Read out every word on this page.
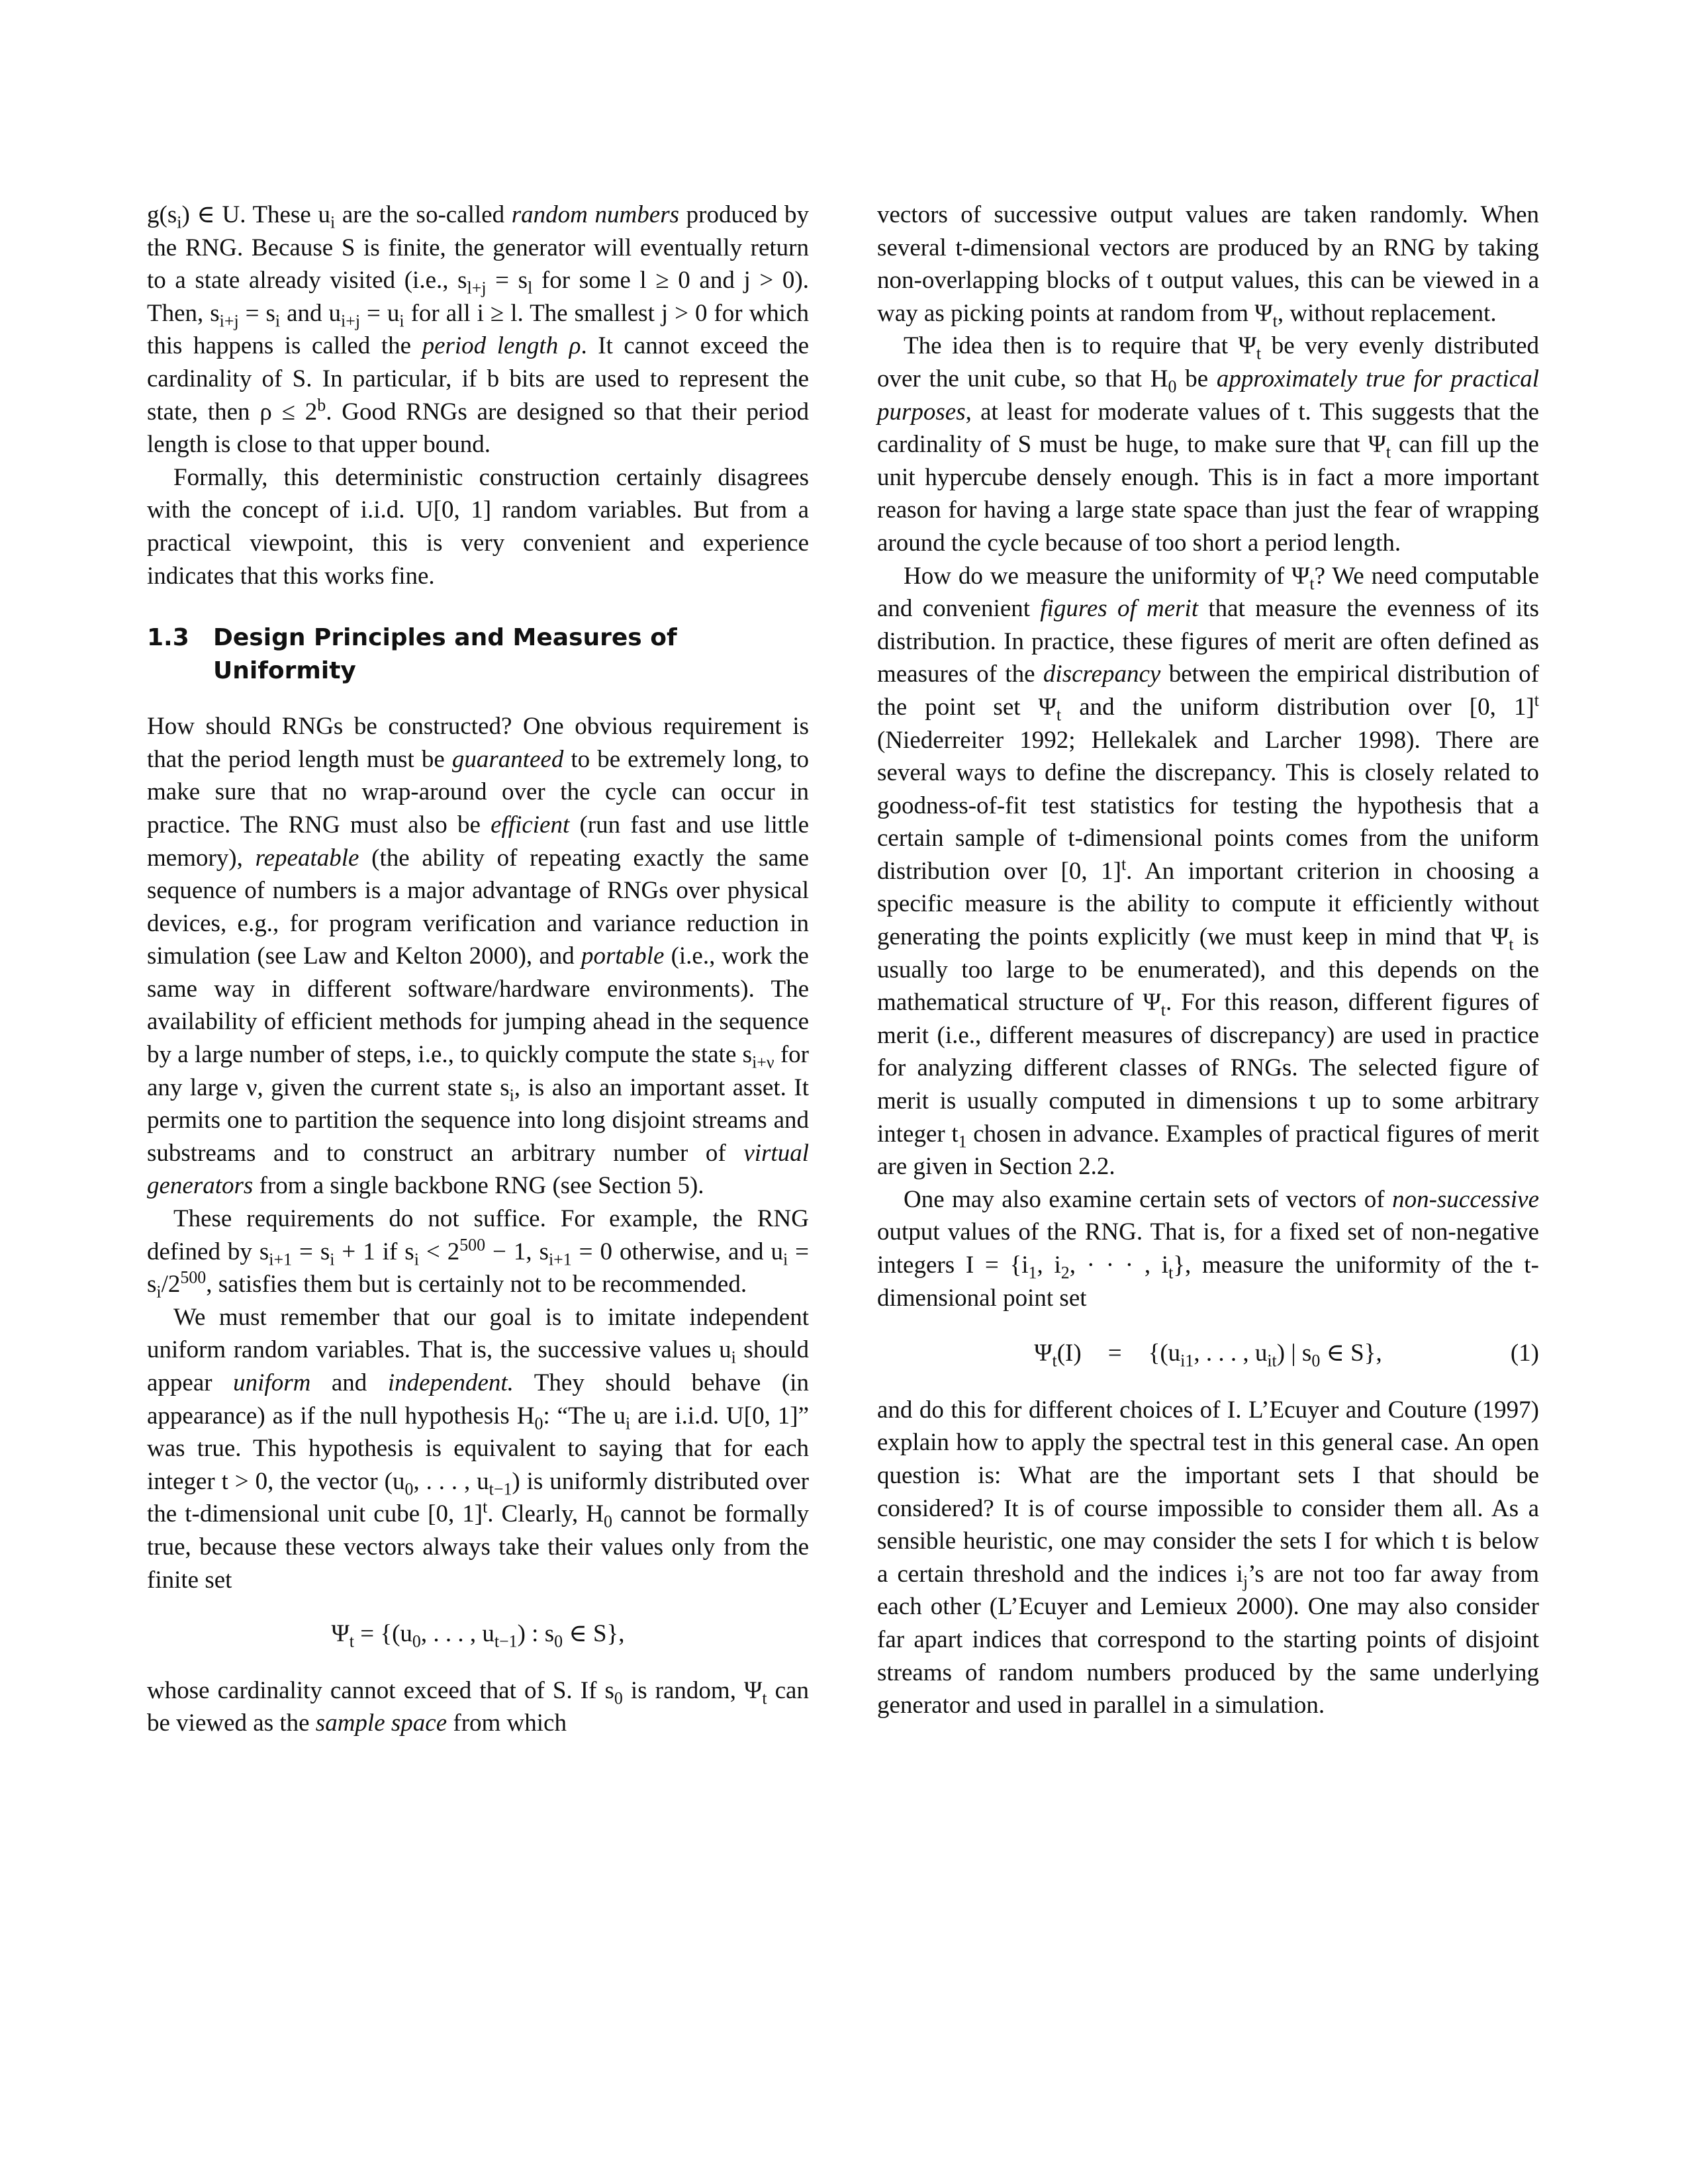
$g(s_i)$ ∈ U. These $u_i$ are the so-called random numbers produced by the RNG. Because S is finite, the generator will eventually return to a state already visited (i.e., $s_{l+j} = s_l$ for some l ≥ 0 and j > 0). Then, $s_{i+j} = s_i$ and $u_{i+j} = u_i$ for all i ≥ l. The smallest j > 0 for which this happens is called the period length ρ. It cannot exceed the cardinality of S. In particular, if b bits are used to represent the state, then $\rho \le 2^b$. Good RNGs are designed so that their period length is close to that upper bound.

Formally, this deterministic construction certainly disagrees with the concept of i.i.d. U[0, 1] random variables. But from a practical viewpoint, this is very convenient and experience indicates that this works fine.

1.3	Design Principles and Measures of Uniformity

How should RNGs be constructed? One obvious requirement is that the period length must be guaranteed to be extremely long, to make sure that no wrap-around over the cycle can occur in practice. The RNG must also be efficient (run fast and use little memory), repeatable (the ability of repeating exactly the same sequence of numbers is a major advantage of RNGs over physical devices, e.g., for program verification and variance reduction in simulation (see Law and Kelton 2000), and portable (i.e., work the same way in different software/hardware environments). The availability of efficient methods for jumping ahead in the sequence by a large number of steps, i.e., to quickly compute the state $s_{i+\nu}$ for any large ν, given the current state $s_i$, is also an important asset. It permits one to partition the sequence into long disjoint streams and substreams and to construct an arbitrary number of virtual generators from a single backbone RNG (see Section 5).

These requirements do not suffice. For example, the RNG defined by $s_{i+1} = s_i + 1$ if $s_i < 2^{500} - 1$, $s_{i+1} = 0$ otherwise, and $u_i = s_i/2^{500}$, satisfies them but is certainly not to be recommended.

We must remember that our goal is to imitate independent uniform random variables. That is, the successive values $u_i$ should appear uniform and independent. They should behave (in appearance) as if the null hypothesis $H_0$: “The $u_i$ are i.i.d. U[0, 1]” was true. This hypothesis is equivalent to saying that for each integer t > 0, the vector ($u_0$, . . . , $u_{t-1}$) is uniformly distributed over the t-dimensional unit cube [0, 1]$^t$. Clearly, $H_0$ cannot be formally true, because these vectors always take their values only from the finite set

$\Psi_t = \{(u_0$, . . . , $u_{t-1}$) : $s_0$ ∈ S},

whose cardinality cannot exceed that of S. If $s_0$ is random, $\Psi_t$ can be viewed as the sample space from which

vectors of successive output values are taken randomly. When several t-dimensional vectors are produced by an RNG by taking non-overlapping blocks of t output values, this can be viewed in a way as picking points at random from $\Psi_t$, without replacement.

The idea then is to require that $\Psi_t$ be very evenly distributed over the unit cube, so that $H_0$ be approximately true for practical purposes, at least for moderate values of t. This suggests that the cardinality of S must be huge, to make sure that $\Psi_t$ can fill up the unit hypercube densely enough. This is in fact a more important reason for having a large state space than just the fear of wrapping around the cycle because of too short a period length.

How do we measure the uniformity of $\Psi_t$? We need computable and convenient figures of merit that measure the evenness of its distribution. In practice, these figures of merit are often defined as measures of the discrepancy between the empirical distribution of the point set $\Psi_t$ and the uniform distribution over [0, 1]$^t$ (Niederreiter 1992; Hellekalek and Larcher 1998). There are several ways to define the discrepancy. This is closely related to goodness-of-fit test statistics for testing the hypothesis that a certain sample of t-dimensional points comes from the uniform distribution over [0, 1]$^t$. An important criterion in choosing a specific measure is the ability to compute it efficiently without generating the points explicitly (we must keep in mind that $\Psi_t$ is usually too large to be enumerated), and this depends on the mathematical structure of $\Psi_t$. For this reason, different figures of merit (i.e., different measures of discrepancy) are used in practice for analyzing different classes of RNGs. The selected figure of merit is usually computed in dimensions t up to some arbitrary integer $t_1$ chosen in advance. Examples of practical figures of merit are given in Section 2.2.

One may also examine certain sets of vectors of non-successive output values of the RNG. That is, for a fixed set of non-negative integers $I = \{i_1$, $i_2$, · · · , $i_t$}, measure the uniformity of the t-dimensional point set

$\Psi_t(I) = \{(u_{i1}$, . . . , $u_{it}$) | $s_0$ ∈ S},	(1)

and do this for different choices of I. L’Ecuyer and Couture (1997) explain how to apply the spectral test in this general case. An open question is: What are the important sets I that should be considered? It is of course impossible to consider them all. As a sensible heuristic, one may consider the sets I for which t is below a certain threshold and the indices $i_j’s$ are not too far away from each other (L’Ecuyer and Lemieux 2000). One may also consider far apart indices that correspond to the starting points of disjoint streams of random numbers produced by the same underlying generator and used in parallel in a simulation.
